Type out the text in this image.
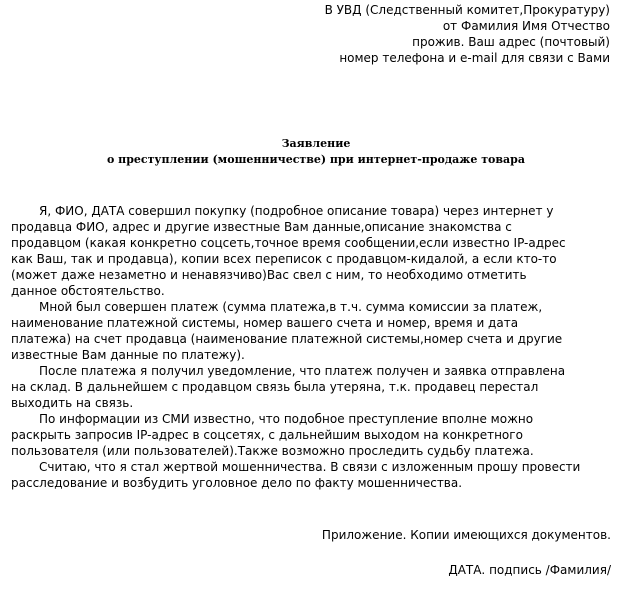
В УВД (Следственный комитет,Прокуратуру)
от Фамилия Имя Отчество
прожив. Ваш адрес (почтовый)
номер телефона и e-mail для связи с Вами
Заявление
о преступлении (мошенничестве) при интернет-продаже товара

Я, ФИО, ДАТА совершил покупку (подробное описание товара) через интернет у

продавца ФИО, адрес и другие известные Вам данные,описание знакомства с

продавцом (какая конкретно соцсеть,точное время сообщении,если известно IP-адрес

как Ваш, так и продавца), копии всех переписок с продавцом-кидалой, а если кто-то

(может даже незаметно и ненавязчиво)Вас свел с ним, то необходимо отметить

данное обстоятельство.

Мной был совершен платеж (сумма платежа,в т.ч. сумма комиссии за платеж,

наименование платежной системы, номер вашего счета и номер, время и дата

платежа) на счет продавца (наименование платежной системы,номер счета и другие

известные Вам данные по платежу).

После платежа я получил уведомление, что платеж получен и заявка отправлена

на склад. В дальнейшем с продавцом связь была утеряна, т.к. продавец перестал

выходить на связь.

По информации из СМИ известно, что подобное преступление вполне можно

раскрыть запросив IP-адрес в соцсетях, с дальнейшим выходом на конкретного

пользователя (или пользователей).Также возможно проследить судьбу платежа.

Считаю, что я стал жертвой мошенничества. В связи с изложенным прошу провести

расследование и возбудить уголовное дело по факту мошенничества.

Приложение. Копии имеющихся документов.
ДАТА. подпись /Фамилия/
